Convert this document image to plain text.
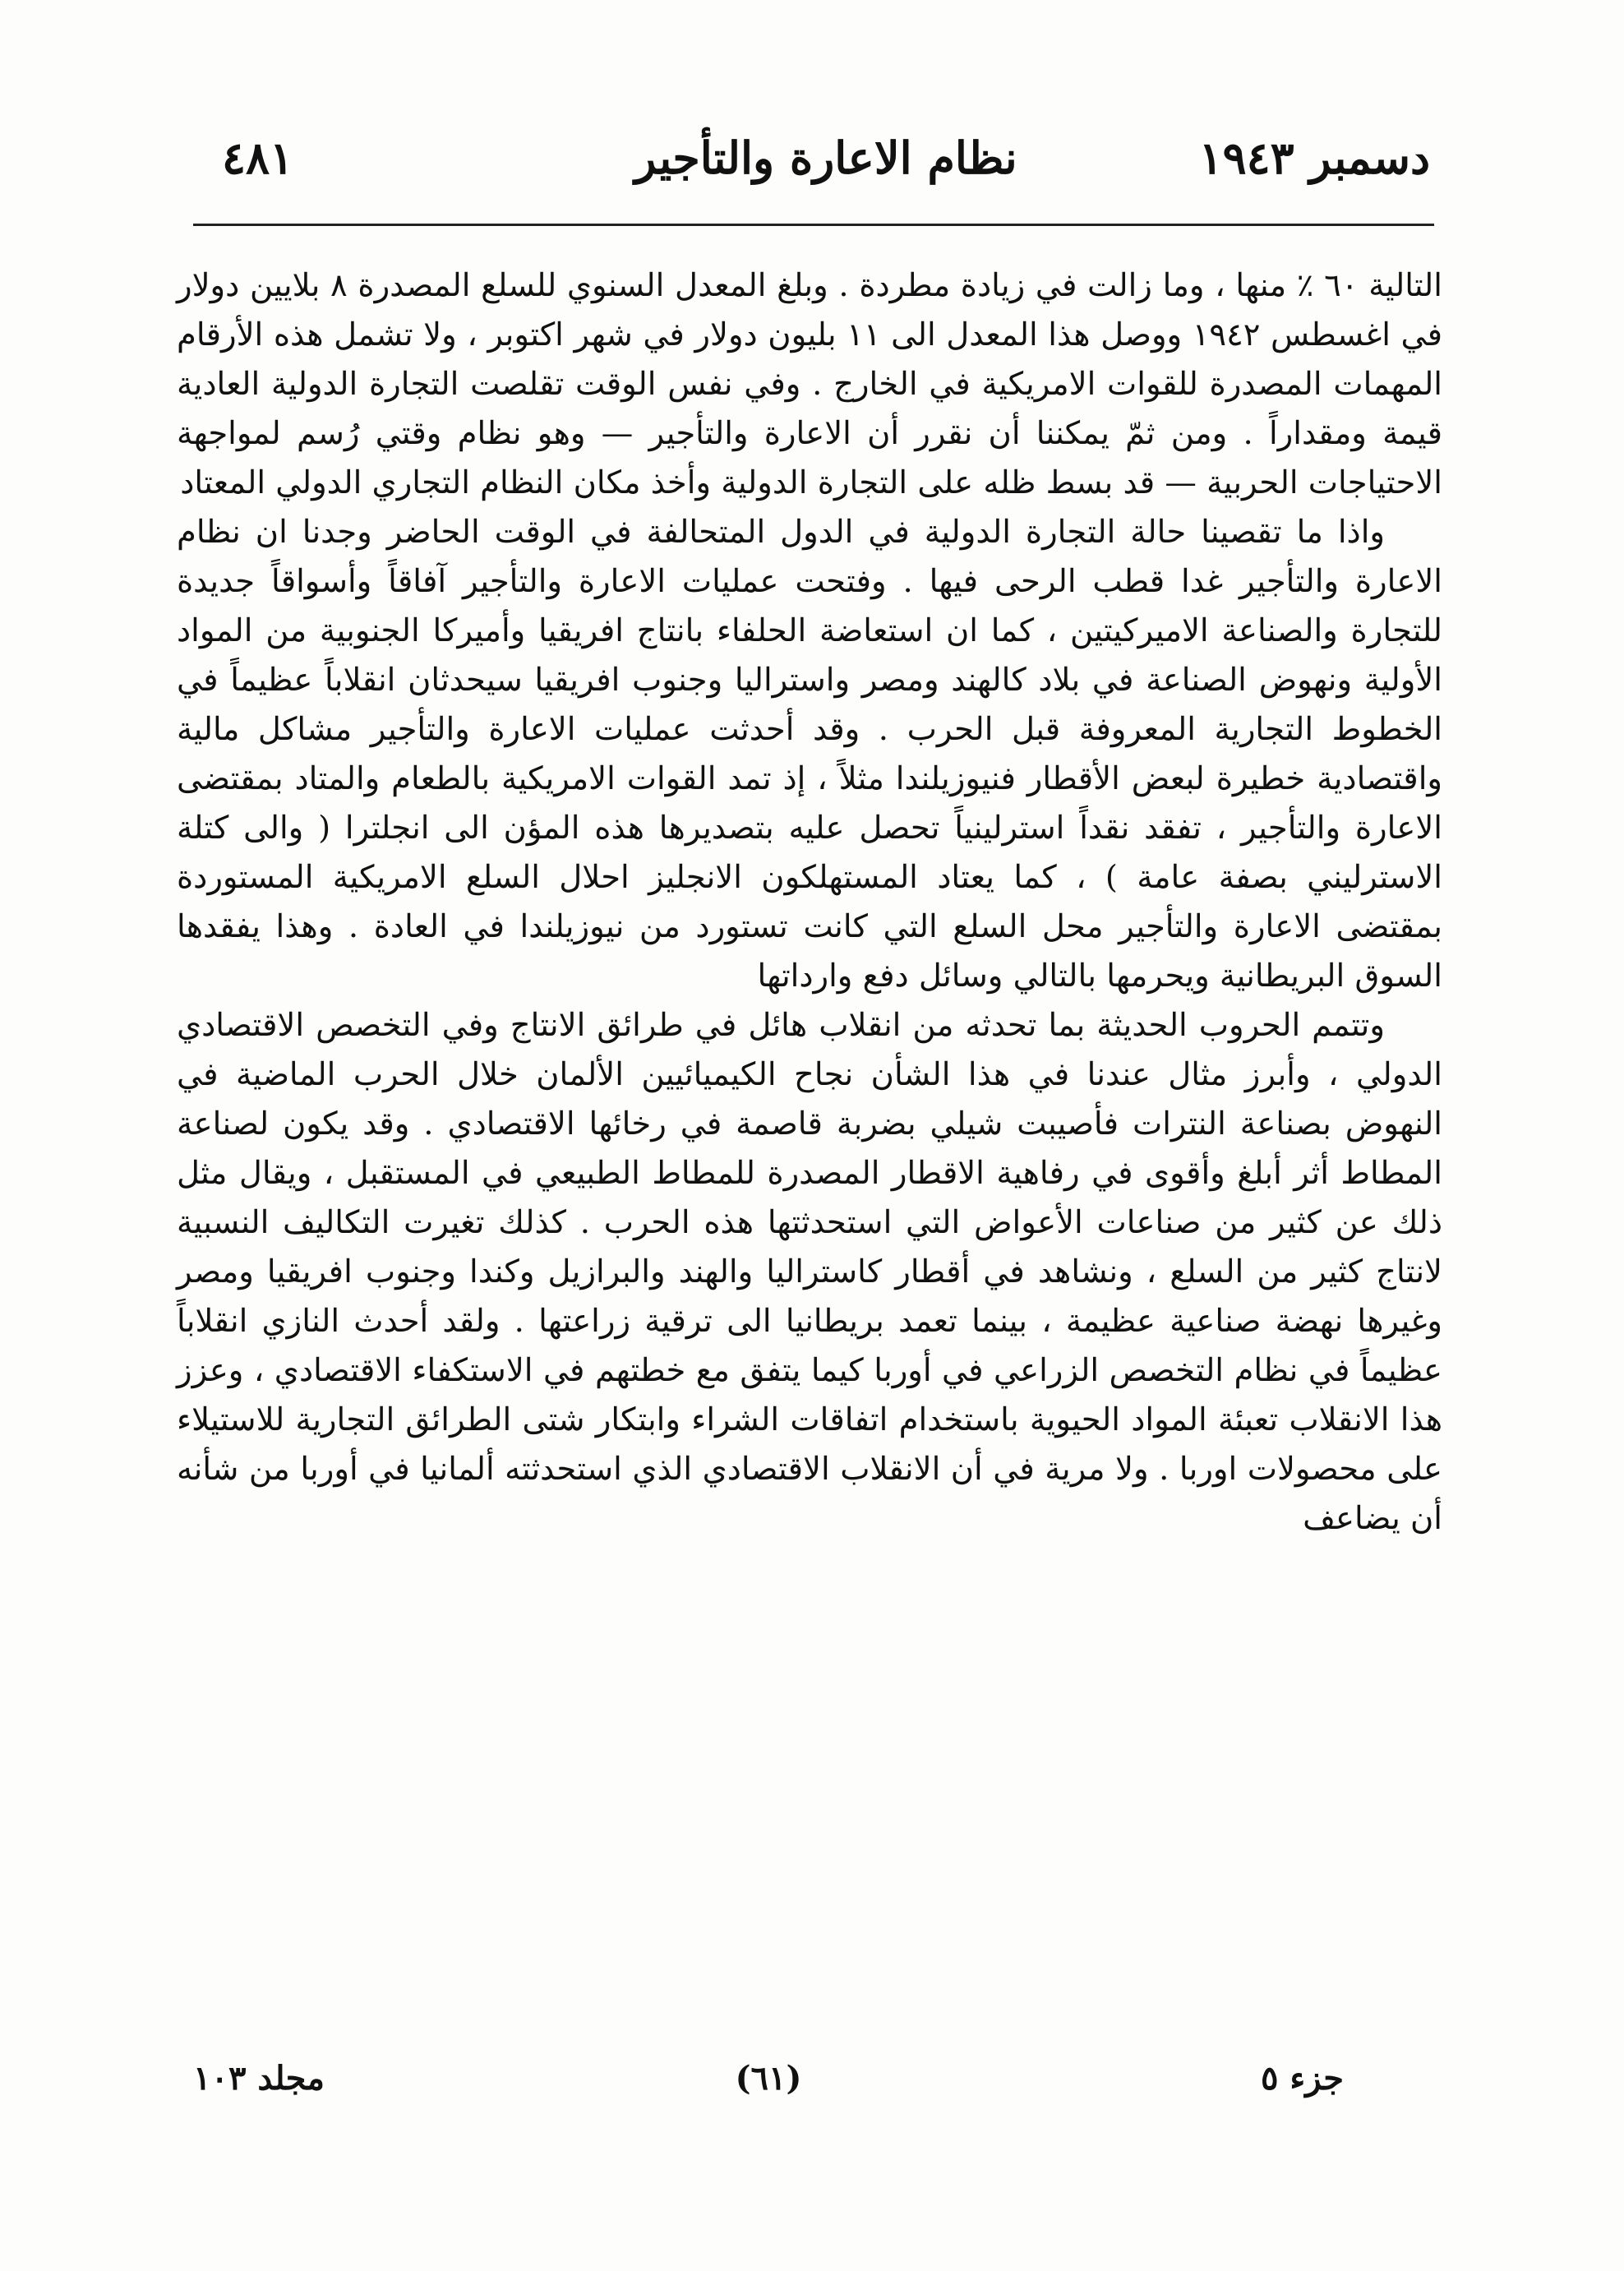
دسمبر ١٩٤٣
نظام الاعارة والتأجير
٤٨١

التالية ٦٠ ٪ منها ، وما زالت في زيادة مطردة . وبلغ المعدل السنوي للسلع المصدرة ٨ بلايين دولار في اغسطس ١٩٤٢ ووصل هذا المعدل الى ١١ بليون دولار في شهر اكتوبر ، ولا تشمل هذه الأرقام المهمات المصدرة للقوات الامريكية في الخارج . وفي نفس الوقت تقلصت التجارة الدولية العادية قيمة ومقداراً . ومن ثمّ يمكننا أن نقرر أن الاعارة والتأجير — وهو نظام وقتي رُسم لمواجهة الاحتياجات الحربية — قد بسط ظله على التجارة الدولية وأخذ مكان النظام التجاري الدولي المعتاد

واذا ما تقصينا حالة التجارة الدولية في الدول المتحالفة في الوقت الحاضر وجدنا ان نظام الاعارة والتأجير غدا قطب الرحى فيها . وفتحت عمليات الاعارة والتأجير آفاقاً وأسواقاً جديدة للتجارة والصناعة الاميركيتين ، كما ان استعاضة الحلفاء بانتاج افريقيا وأميركا الجنوبية من المواد الأولية ونهوض الصناعة في بلاد كالهند ومصر واستراليا وجنوب افريقيا سيحدثان انقلاباً عظيماً في الخطوط التجارية المعروفة قبل الحرب . وقد أحدثت عمليات الاعارة والتأجير مشاكل مالية واقتصادية خطيرة لبعض الأقطار فنيوزيلندا مثلاً ، إذ تمد القوات الامريكية بالطعام والمتاد بمقتضى الاعارة والتأجير ، تفقد نقداً استرلينياً تحصل عليه بتصديرها هذه المؤن الى انجلترا ( والى كتلة الاسترليني بصفة عامة ) ، كما يعتاد المستهلكون الانجليز احلال السلع الامريكية المستوردة بمقتضى الاعارة والتأجير محل السلع التي كانت تستورد من نيوزيلندا في العادة . وهذا يفقدها السوق البريطانية ويحرمها بالتالي وسائل دفع وارداتها

وتتمم الحروب الحديثة بما تحدثه من انقلاب هائل في طرائق الانتاج وفي التخصص الاقتصادي الدولي ، وأبرز مثال عندنا في هذا الشأن نجاح الكيميائيين الألمان خلال الحرب الماضية في النهوض بصناعة النترات فأصيبت شيلي بضربة قاصمة في رخائها الاقتصادي . وقد يكون لصناعة المطاط أثر أبلغ وأقوى في رفاهية الاقطار المصدرة للمطاط الطبيعي في المستقبل ، ويقال مثل ذلك عن كثير من صناعات الأعواض التي استحدثتها هذه الحرب . كذلك تغيرت التكاليف النسبية لانتاج كثير من السلع ، ونشاهد في أقطار كاستراليا والهند والبرازيل وكندا وجنوب افريقيا ومصر وغيرها نهضة صناعية عظيمة ، بينما تعمد بريطانيا الى ترقية زراعتها . ولقد أحدث النازي انقلاباً عظيماً في نظام التخصص الزراعي في أوربا كيما يتفق مع خطتهم في الاستكفاء الاقتصادي ، وعزز هذا الانقلاب تعبئة المواد الحيوية باستخدام اتفاقات الشراء وابتكار شتى الطرائق التجارية للاستيلاء على محصولات اوربا . ولا مرية في أن الانقلاب الاقتصادي الذي استحدثته ألمانيا في أوربا من شأنه أن يضاعف

جزء ٥
(٦١)
مجلد ١٠٣
